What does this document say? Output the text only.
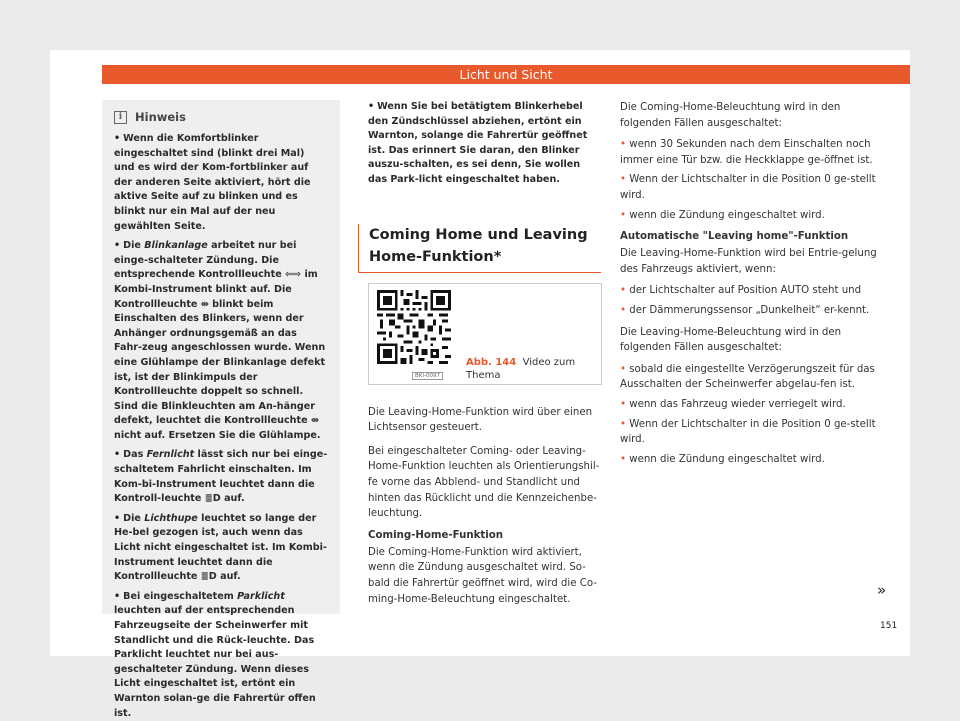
Licht und Sicht
i	Hinweis

• Wenn die Komfortblinker eingeschaltet sind (blinkt drei Mal) und es wird der Kom-fortblinker auf der anderen Seite aktiviert, hört die aktive Seite auf zu blinken und es blinkt nur ein Mal auf der neu gewählten Seite.

• Die Blinkanlage arbeitet nur bei einge-schalteter Zündung. Die entsprechende Kontrollleuchte ⇦⇨ im Kombi-Instrument blinkt auf. Die Kontrollleuchte ⇎ blinkt beim Einschalten des Blinkers, wenn der Anhänger ordnungsgemäß an das Fahr-zeug angeschlossen wurde. Wenn eine Glühlampe der Blinkanlage defekt ist, ist der Blinkimpuls der Kontrollleuchte doppelt so schnell. Sind die Blinkleuchten am An-hänger defekt, leuchtet die Kontrollleuchte ⇎ nicht auf. Ersetzen Sie die Glühlampe.

• Das Fernlicht lässt sich nur bei einge-schaltetem Fahrlicht einschalten. Im Kom-bi-Instrument leuchtet dann die Kontroll-leuchte ≣D auf.

• Die Lichthupe leuchtet so lange der He-bel gezogen ist, auch wenn das Licht nicht eingeschaltet ist. Im Kombi-Instrument leuchtet dann die Kontrollleuchte ≣D auf.

• Bei eingeschaltetem Parklicht leuchten auf der entsprechenden Fahrzeugseite der Scheinwerfer mit Standlicht und die Rück-leuchte. Das Parklicht leuchtet nur bei aus-geschalteter Zündung. Wenn dieses Licht eingeschaltet ist, ertönt ein Warnton solan-ge die Fahrertür offen ist.

• Wenn Sie bei betätigtem Blinkerhebel den Zündschlüssel abziehen, ertönt ein Warnton, solange die Fahrertür geöffnet ist. Das erinnert Sie daran, den Blinker auszu-schalten, es sei denn, Sie wollen das Park-licht eingeschaltet haben.

Coming Home und Leaving Home-Funktion*
BKI-0097
Abb. 144 Video zum Thema

Die Leaving-Home-Funktion wird über einen Lichtsensor gesteuert.

Bei eingeschalteter Coming- oder Leaving-Home-Funktion leuchten als Orientierungshil-fe vorne das Abblend- und Standlicht und hinten das Rücklicht und die Kennzeichenbe-leuchtung.

Coming-Home-Funktion

Die Coming-Home-Funktion wird aktiviert, wenn die Zündung ausgeschaltet wird. So-bald die Fahrertür geöffnet wird, wird die Co-ming-Home-Beleuchtung eingeschaltet.

Die Coming-Home-Beleuchtung wird in den folgenden Fällen ausgeschaltet:

• wenn 30 Sekunden nach dem Einschalten noch immer eine Tür bzw. die Heckklappe ge-öffnet ist.

• Wenn der Lichtschalter in die Position 0 ge-stellt wird.

• wenn die Zündung eingeschaltet wird.

Automatische "Leaving home"-Funktion

Die Leaving-Home-Funktion wird bei Entrie-gelung des Fahrzeugs aktiviert, wenn:

• der Lichtschalter auf Position AUTO steht und

• der Dämmerungssensor „Dunkelheit“ er-kennt.

Die Leaving-Home-Beleuchtung wird in den folgenden Fällen ausgeschaltet:

• sobald die eingestellte Verzögerungszeit für das Ausschalten der Scheinwerfer abgelau-fen ist.

• wenn das Fahrzeug wieder verriegelt wird.

• Wenn der Lichtschalter in die Position 0 ge-stellt wird.

• wenn die Zündung eingeschaltet wird.

»
151
